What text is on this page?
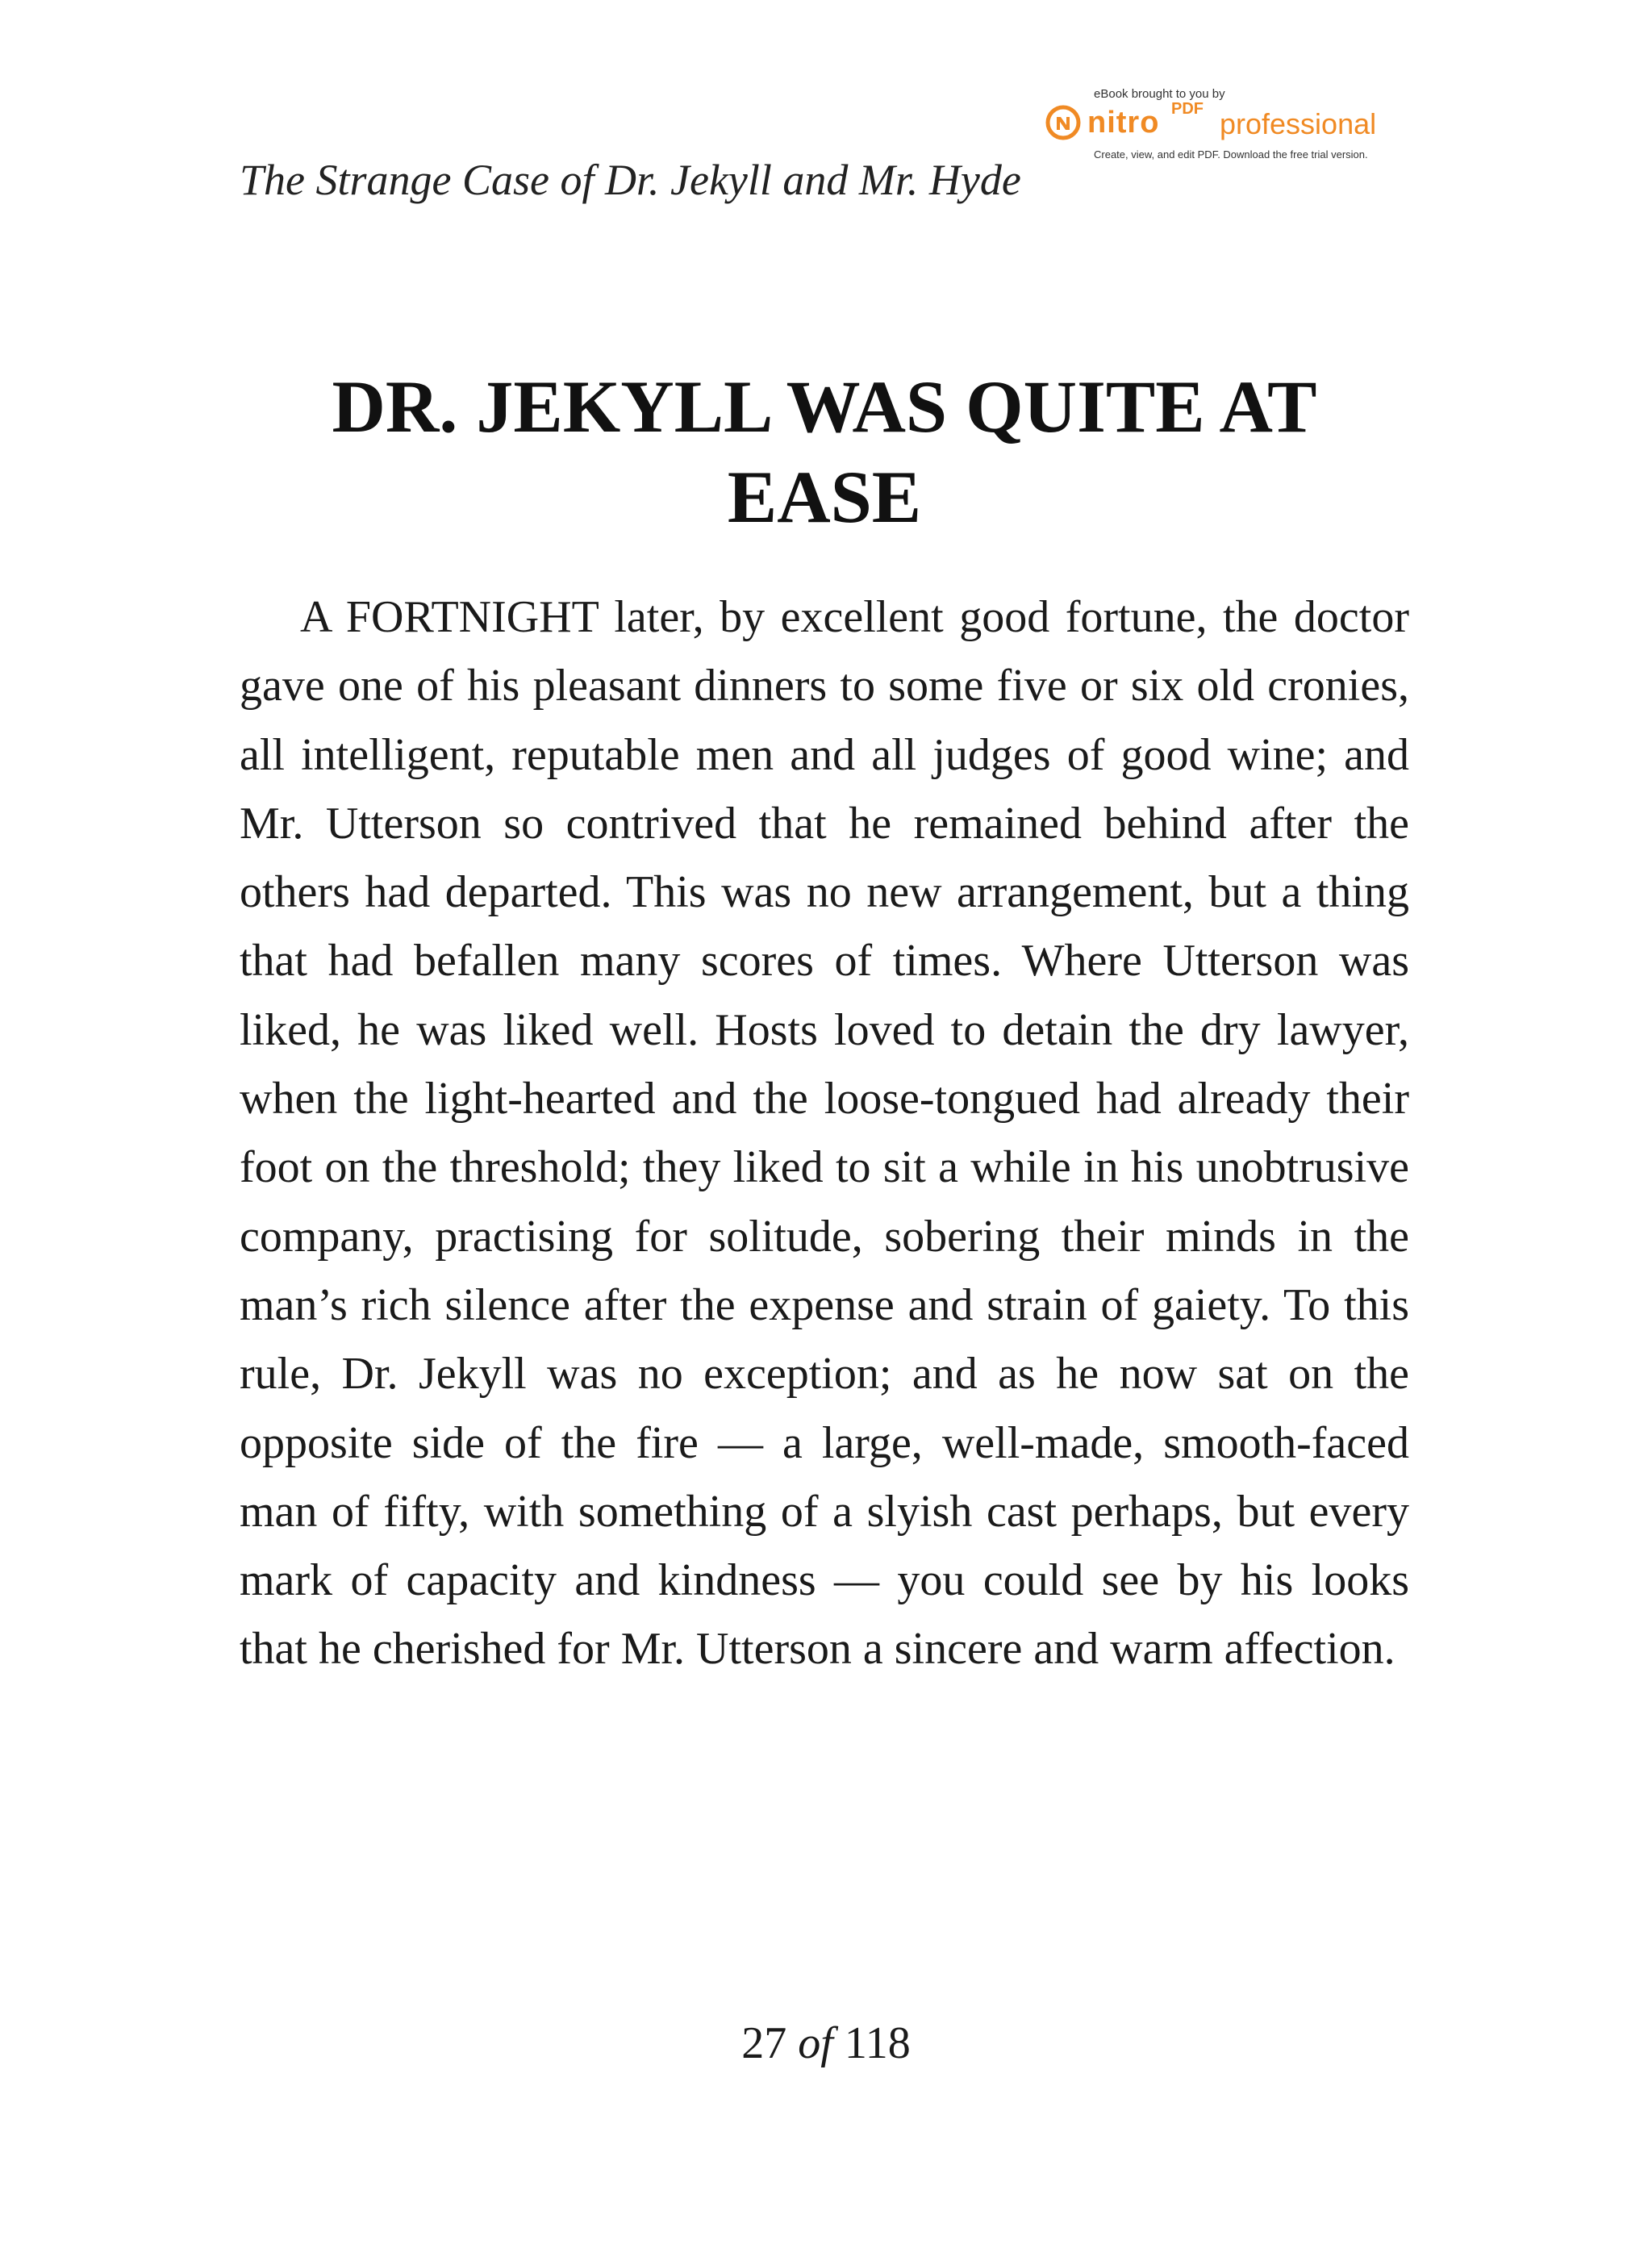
The Strange Case of Dr. Jekyll and Mr. Hyde
eBook brought to you by
nitro PDF professional
Create, view, and edit PDF. Download the free trial version.
DR. JEKYLL WAS QUITE AT EASE

A FORTNIGHT later, by excellent good fortune, the doctor gave one of his pleasant dinners to some five or six old cronies, all intelligent, reputable men and all judges of good wine; and Mr. Utterson so contrived that he remained behind after the others had departed. This was no new arrangement, but a thing that had befallen many scores of times. Where Utterson was liked, he was liked well. Hosts loved to detain the dry lawyer, when the light-hearted and the loose-tongued had already their foot on the threshold; they liked to sit a while in his unobtrusive company, practising for solitude, sobering their minds in the man’s rich silence after the expense and strain of gaiety. To this rule, Dr. Jekyll was no exception; and as he now sat on the opposite side of the fire — a large, well-made, smooth-faced man of fifty, with something of a slyish cast perhaps, but every mark of capacity and kindness — you could see by his looks that he cherished for Mr. Utterson a sincere and warm affection.

27 of 118
